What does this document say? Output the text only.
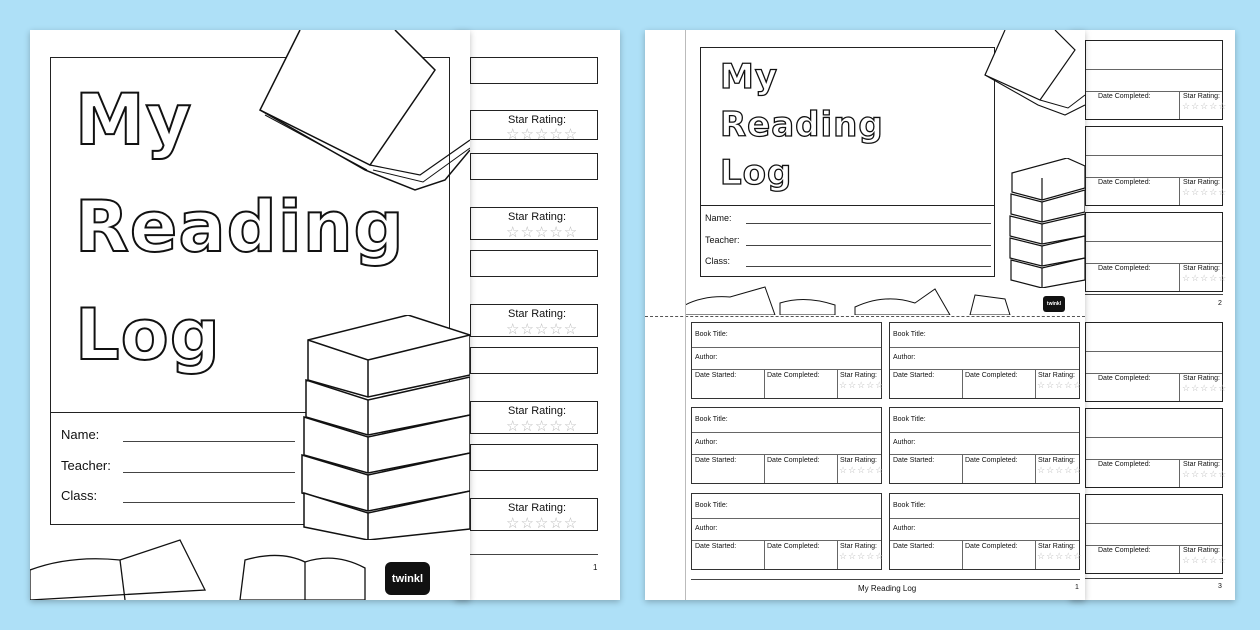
Star Rating:
☆☆☆☆☆
Star Rating:
☆☆☆☆☆
Star Rating:
☆☆☆☆☆
Star Rating:
☆☆☆☆☆
Star Rating:
☆☆☆☆☆
1
My
Reading
Log
Name:
Teacher:
Class:
twinkl
Date Completed:	Star Rating:
☆☆☆☆☆
Date Completed:	Star Rating:
☆☆☆☆☆
Date Completed:	Star Rating:
☆☆☆☆☆
2
Date Completed:	Star Rating:
☆☆☆☆☆
Date Completed:	Star Rating:
☆☆☆☆☆
Date Completed:	Star Rating:
☆☆☆☆☆
3
My
Reading
Log
Name:
Teacher:
Class:
twinkl
Book Title:
Author:
Date Started:	Date Completed:	Star Rating:
☆☆☆☆☆
Book Title:
Author:
Date Started:	Date Completed:	Star Rating:
☆☆☆☆☆
Book Title:
Author:
Date Started:	Date Completed:	Star Rating:
☆☆☆☆☆
Book Title:
Author:
Date Started:	Date Completed:	Star Rating:
☆☆☆☆☆
Book Title:
Author:
Date Started:	Date Completed:	Star Rating:
☆☆☆☆☆
Book Title:
Author:
Date Started:	Date Completed:	Star Rating:
☆☆☆☆☆
My Reading Log	1
